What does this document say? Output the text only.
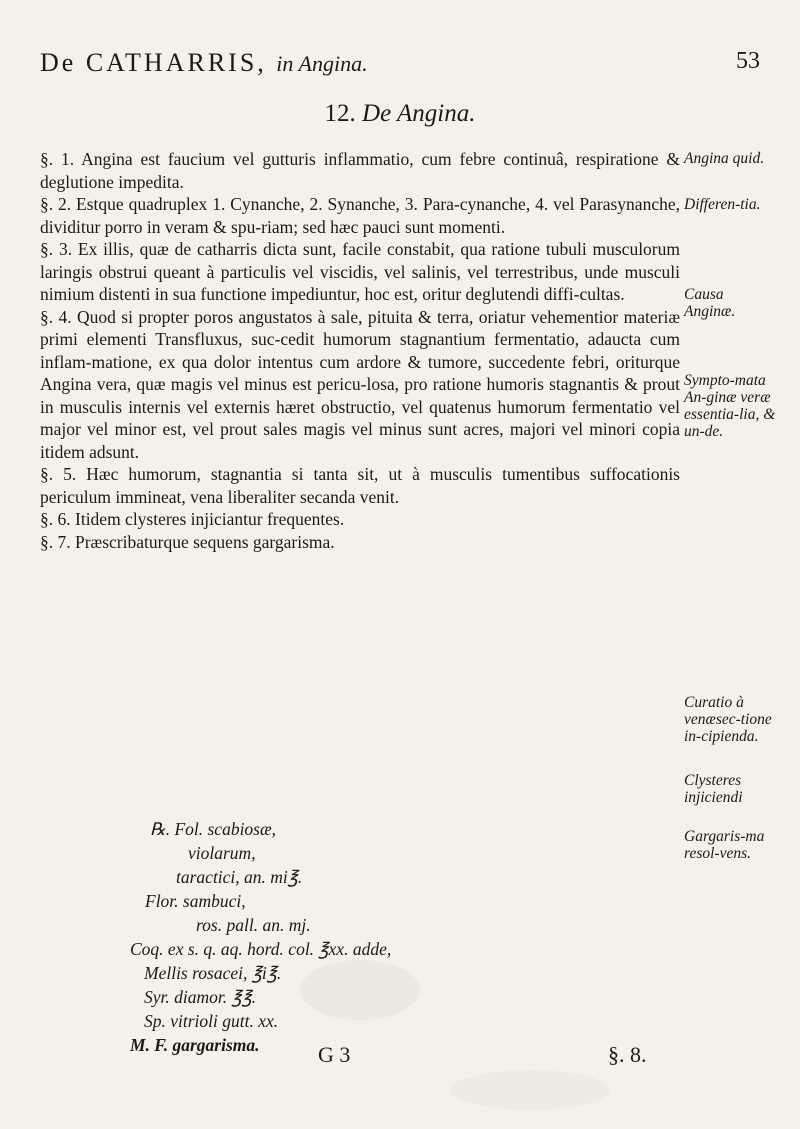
De CATHARRIS, in Angina.	53
12. De Angina.

§. 1. Angina est faucium vel gutturis inflammatio, cum febre continuâ, respiratione & deglutione impedita.

§. 2. Estque quadruplex 1. Cynanche, 2. Synanche, 3. Para-cynanche, 4. vel Parasynanche, dividitur porro in veram & spu-riam; sed hæc pauci sunt momenti.

§. 3. Ex illis, quæ de catharris dicta sunt, facile constabit, qua ratione tubuli musculorum laringis obstrui queant à particulis vel viscidis, vel salinis, vel terrestribus, unde musculi nimium distenti in sua functione impediuntur, hoc est, oritur deglutendi diffi-cultas.

§. 4. Quod si propter poros angustatos à sale, pituita & terra, oriatur vehementior materiæ primi elementi Transfluxus, suc-cedit humorum stagnantium fermentatio, adaucta cum inflam-matione, ex qua dolor intentus cum ardore & tumore, succedente febri, oriturque Angina vera, quæ magis vel minus est pericu-losa, pro ratione humoris stagnantis & prout in musculis internis vel externis hæret obstructio, vel quatenus humorum fermentatio vel major vel minor est, vel prout sales magis vel minus sunt acres, majori vel minori copia itidem adsunt.

§. 5. Hæc humorum, stagnantia si tanta sit, ut à musculis tumentibus suffocationis periculum immineat, vena liberaliter secanda venit.

§. 6. Itidem clysteres injiciantur frequentes.

§. 7. Præscribaturque sequens gargarisma.

℞. Fol. scabiosæ,
violarum,
taractici, an. mi℥.
Flor. sambuci,
ros. pall. an. mj.
Coq. ex s. q. aq. hord. col. ℥xx. adde,
Mellis rosacei, ℥i℥.
Syr. diamor. ℥℥.
Sp. vitrioli gutt. xx.
M. F. gargarisma.
Angina quid.
Differen-tia.
Causa Anginæ.
Sympto-mata An-ginæ veræ essentia-lia, & un-de.
Curatio à venæsec-tione in-cipienda.
Clysteres injiciendi
Gargaris-ma resol-vens.
G 3	§. 8.
